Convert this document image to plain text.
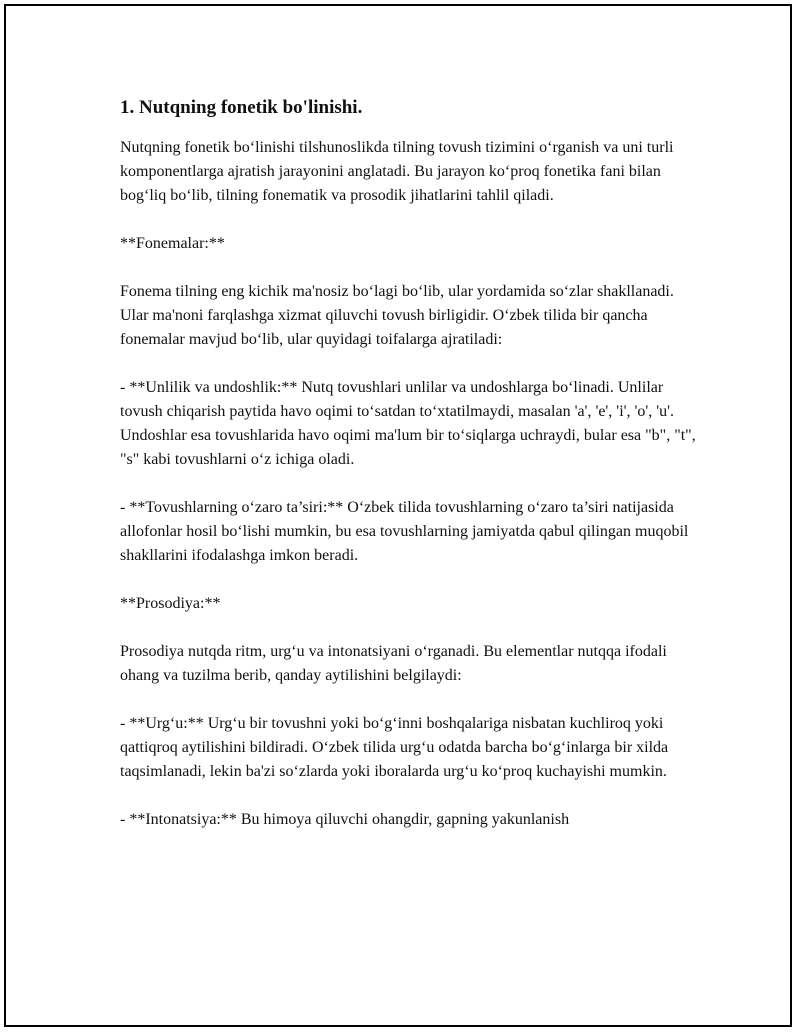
1. Nutqning fonetik bo'linishi.

Nutqning fonetik bo‘linishi tilshunoslikda tilning tovush tizimini o‘rganish va uni turli komponentlarga ajratish jarayonini anglatadi. Bu jarayon ko‘proq fonetika fani bilan bog‘liq bo‘lib, tilning fonematik va prosodik jihatlarini tahlil qiladi.

**Fonemalar:**

Fonema tilning eng kichik ma'nosiz bo‘lagi bo‘lib, ular yordamida so‘zlar shakllanadi. Ular ma'noni farqlashga xizmat qiluvchi tovush birligidir. O‘zbek tilida bir qancha fonemalar mavjud bo‘lib, ular quyidagi toifalarga ajratiladi:

- **Unlilik va undoshlik:** Nutq tovushlari unlilar va undoshlarga bo‘linadi. Unlilar tovush chiqarish paytida havo oqimi to‘satdan to‘xtatilmaydi, masalan 'a', 'e', 'i', 'o', 'u'. Undoshlar esa tovushlarida havo oqimi ma'lum bir to‘siqlarga uchraydi, bular esa "b", "t", "s" kabi tovushlarni o‘z ichiga oladi.

- **Tovushlarning o‘zaro ta’siri:** O‘zbek tilida tovushlarning o‘zaro ta’siri natijasida allofonlar hosil bo‘lishi mumkin, bu esa tovushlarning jamiyatda qabul qilingan muqobil shakllarini ifodalashga imkon beradi.

**Prosodiya:**

Prosodiya nutqda ritm, urg‘u va intonatsiyani o‘rganadi. Bu elementlar nutqqa ifodali ohang va tuzilma berib, qanday aytilishini belgilaydi:

- **Urg‘u:** Urg‘u bir tovushni yoki bo‘g‘inni boshqalariga nisbatan kuchliroq yoki qattiqroq aytilishini bildiradi. O‘zbek tilida urg‘u odatda barcha bo‘g‘inlarga bir xilda taqsimlanadi, lekin ba'zi so‘zlarda yoki iboralarda urg‘u ko‘proq kuchayishi mumkin.

- **Intonatsiya:** Bu himoya qiluvchi ohangdir, gapning yakunlanish
